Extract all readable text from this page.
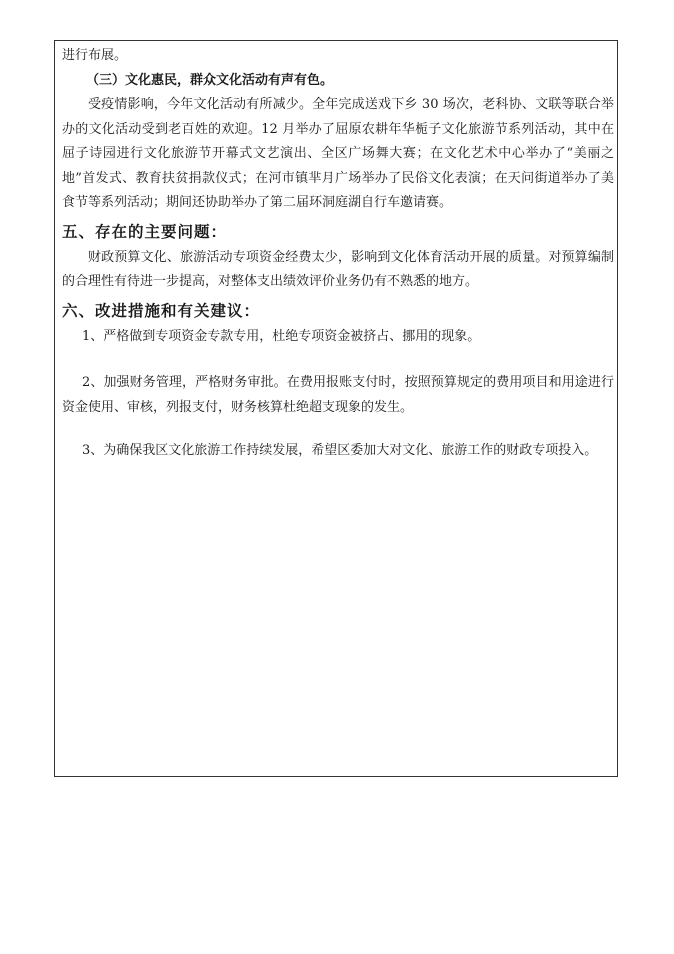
进行布展。

（三）文化惠民，群众文化活动有声有色。

受疫情影响，今年文化活动有所减少。全年完成送戏下乡 30 场次，老科协、文联等联合举办的文化活动受到老百姓的欢迎。12 月举办了屈原农耕年华栀子文化旅游节系列活动，其中在屈子诗园进行文化旅游节开幕式文艺演出、全区广场舞大赛；在文化艺术中心举办了“美丽之地”首发式、教育扶贫捐款仪式；在河市镇芈月广场举办了民俗文化表演；在天问街道举办了美食节等系列活动；期间还协助举办了第二届环洞庭湖自行车邀请赛。

五、存在的主要问题：

财政预算文化、旅游活动专项资金经费太少，影响到文化体育活动开展的质量。对预算编制的合理性有待进一步提高，对整体支出绩效评价业务仍有不熟悉的地方。

六、改进措施和有关建议：

1、严格做到专项资金专款专用，杜绝专项资金被挤占、挪用的现象。

2、加强财务管理，严格财务审批。在费用报账支付时，按照预算规定的费用项目和用途进行资金使用、审核，列报支付，财务核算杜绝超支现象的发生。

3、为确保我区文化旅游工作持续发展，希望区委加大对文化、旅游工作的财政专项投入。
